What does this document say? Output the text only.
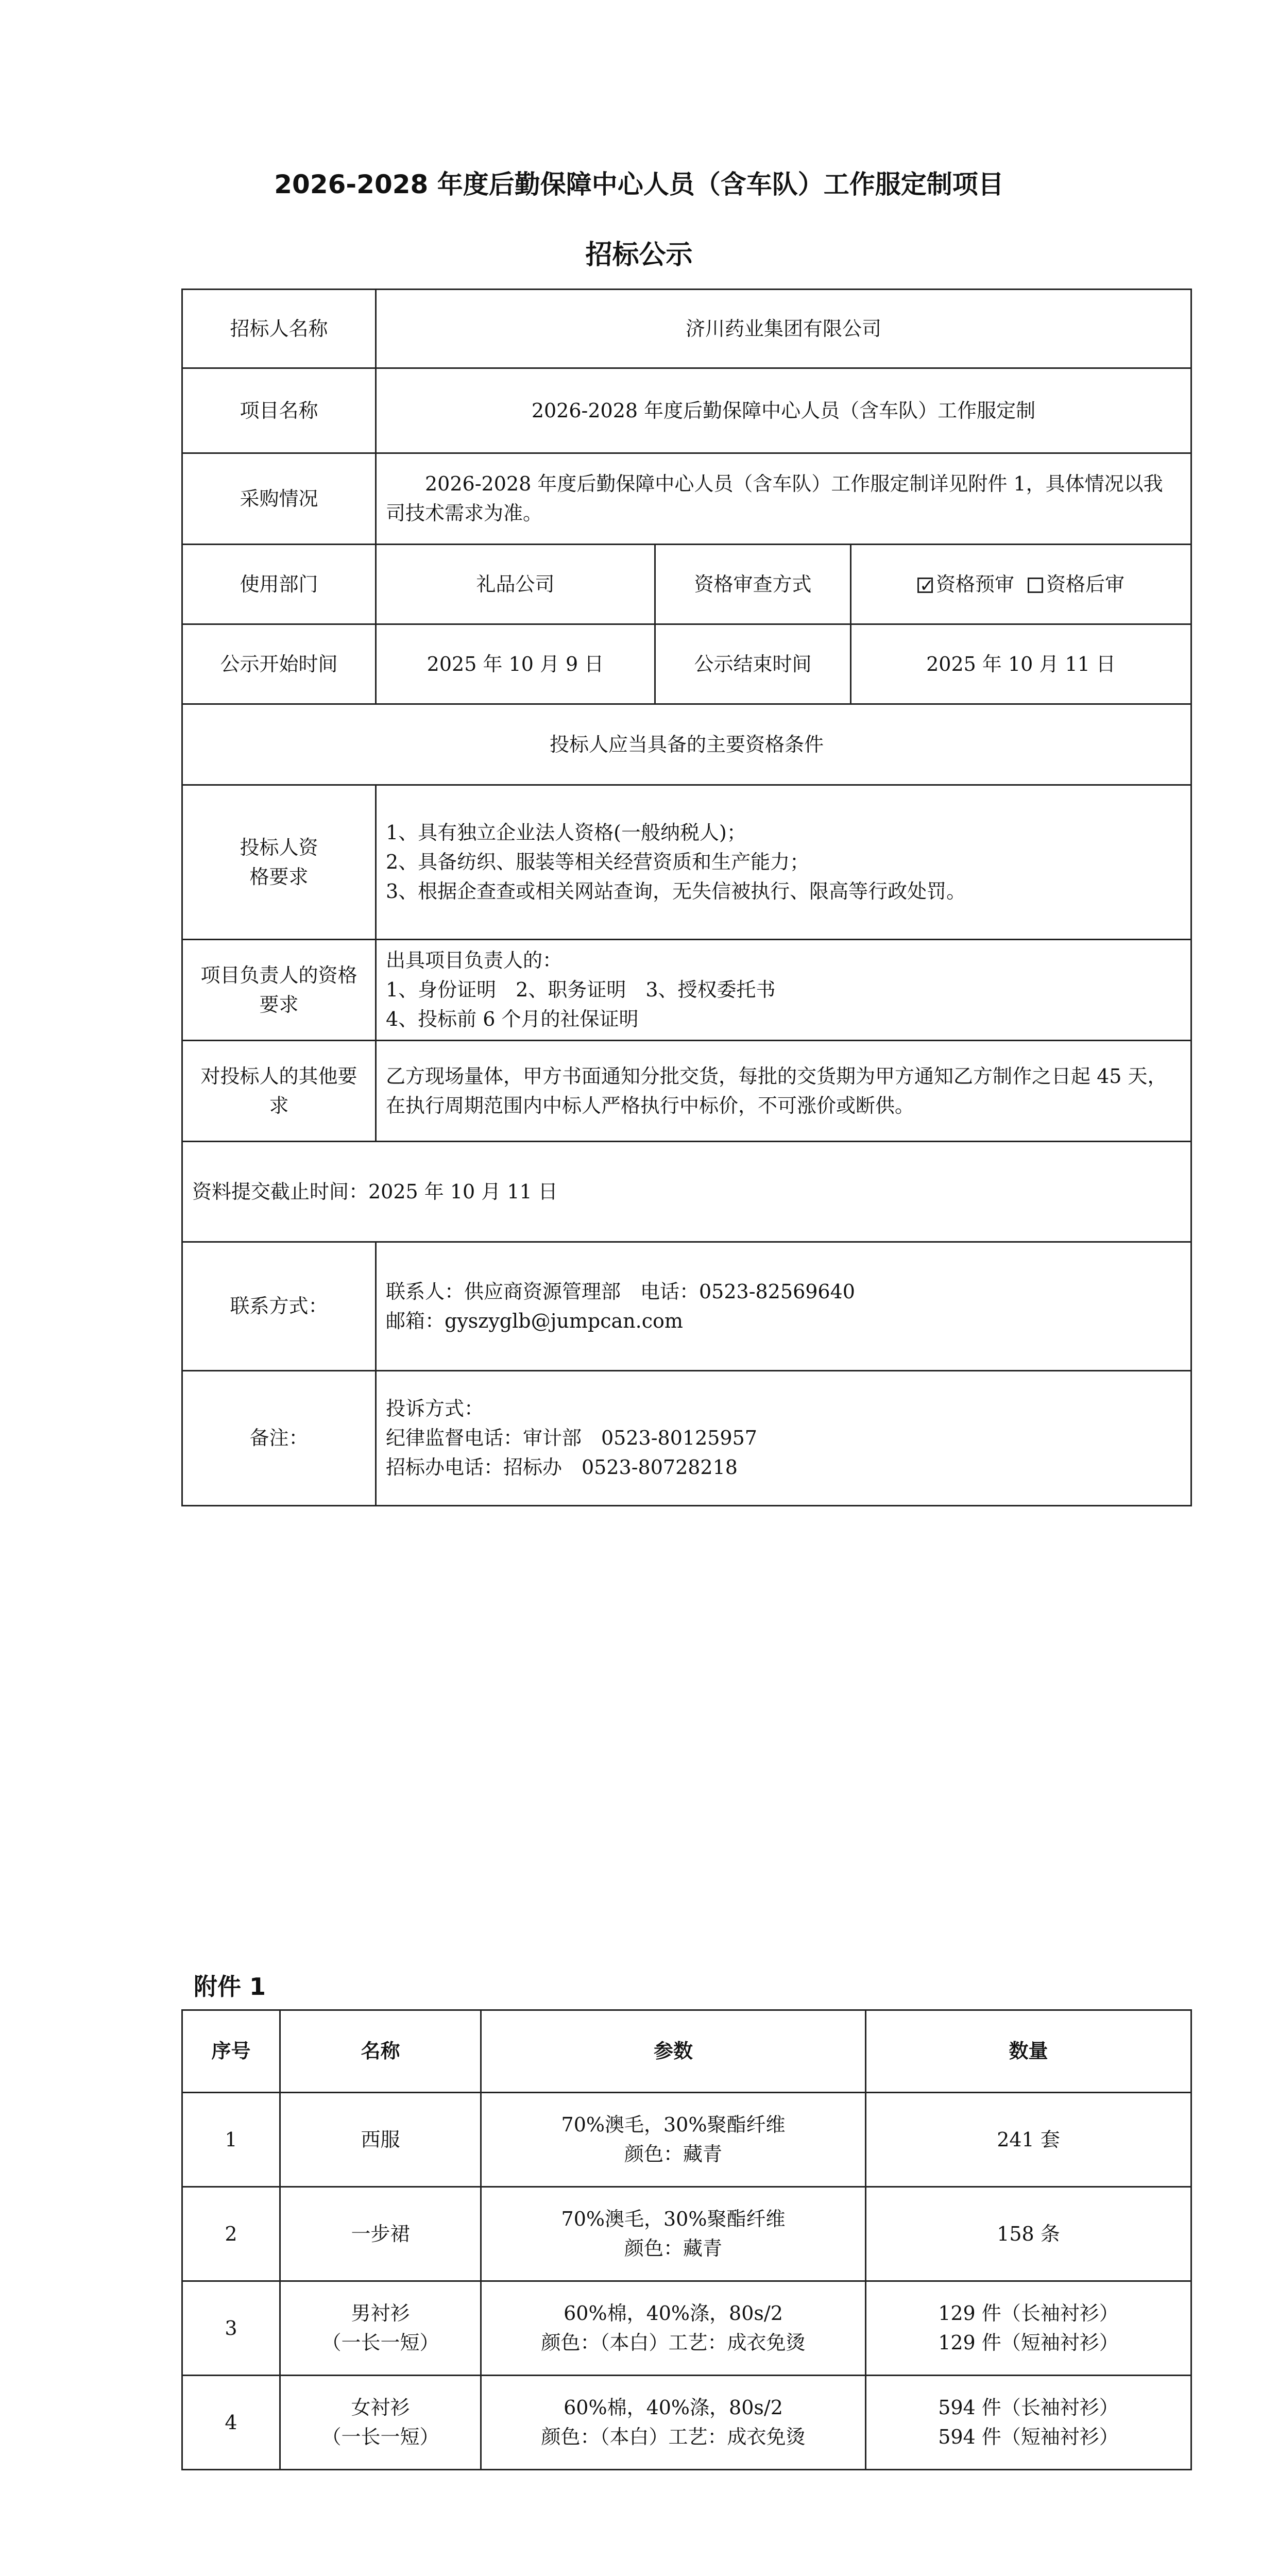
2026-2028 年度后勤保障中心人员（含车队）工作服定制项目
招标公示
招标人名称	济川药业集团有限公司		
项目名称	2026-2028 年度后勤保障中心人员（含车队）工作服定制		
采购情况	2026-2028 年度后勤保障中心人员（含车队）工作服定制详见附件 1，具体情况以我司技术需求为准。		
使用部门	礼品公司	资格审查方式	✓资格预审 资格后审
公示开始时间	2025 年 10 月 9 日	公示结束时间	2025 年 10 月 11 日
投标人应当具备的主要资格条件			
投标人资格要求	1、具有独立企业法人资格(一般纳税人)；
2、具备纺织、服装等相关经营资质和生产能力；
3、根据企查查或相关网站查询，无失信被执行、限高等行政处罚。		

项目负责人的资格要求	出具项目负责人的：
1、身份证明　2、职务证明　3、授权委托书
4、投标前 6 个月的社保证明		

对投标人的其他要求	乙方现场量体，甲方书面通知分批交货，每批的交货期为甲方通知乙方制作之日起 45 天，在执行周期范围内中标人严格执行中标价，不可涨价或断供。		
资料提交截止时间：2025 年 10 月 11 日			
联系方式：	联系人：供应商资源管理部　电话：0523-82569640
邮箱：gyszyglb@jumpcan.com		

备注：	投诉方式：
纪律监督电话：审计部　0523-80125957
招标办电话：招标办　0523-80728218		
附件 1
序号	名称	参数	数量
1	西服	70%澳毛，30%聚酯纤维
颜色：藏青	241 套

2	一步裙	70%澳毛，30%聚酯纤维
颜色：藏青	158 条

3	男衬衫
（一长一短）	60%棉，40%涤，80s/2
颜色：（本白）工艺：成衣免烫	129 件（长袖衬衫）
129 件（短袖衬衫）

4	女衬衫
（一长一短）	60%棉，40%涤，80s/2
颜色：（本白）工艺：成衣免烫	594 件（长袖衬衫）
594 件（短袖衬衫）
